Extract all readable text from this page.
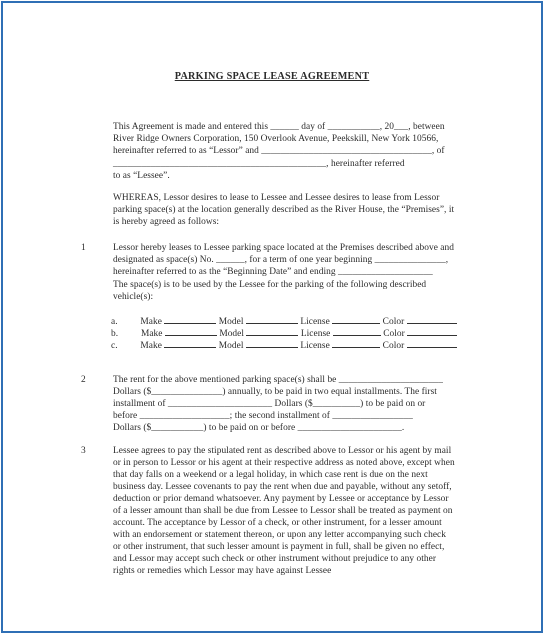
PARKING SPACE LEASE AGREEMENT
This Agreement is made and entered this ______ day of ___________, 20___, between
River Ridge Owners Corporation, 150 Overlook Avenue, Peekskill, New York 10566,
hereinafter referred to as “Lessor” and ____________________________________, of
_____________________________________________, hereinafter referred
to as “Lessee”.
WHEREAS, Lessor desires to lease to Lessee and Lessee desires to lease from Lessor
parking space(s) at the location generally described as the River House, the “Premises”, it
is hereby agreed as follows:
1	Lessor hereby leases to Lessee parking space located at the Premises described above and
designated as space(s) No. ______, for a term of one year beginning _______________,
hereinafter referred to as the “Beginning Date” and ending ____________________
The space(s) is to be used by the Lessee for the parking of the following described
vehicle(s):
a. Make	Model	License	Color
b. Make	Model	License	Color
c. Make	Model	License	Color
2	The rent for the above mentioned parking space(s) shall be ______________________
Dollars ($_______________) annually, to be paid in two equal installments. The first
installment of ______________________ Dollars ($__________) to be paid on or
before ___________________; the second installment of _________________
Dollars ($___________) to be paid on or before ______________________.
3	Lessee agrees to pay the stipulated rent as described above to Lessor or his agent by mail
or in person to Lessor or his agent at their respective address as noted above, except when
that day falls on a weekend or a legal holiday, in which case rent is due on the next
business day. Lessee covenants to pay the rent when due and payable, without any setoff,
deduction or prior demand whatsoever. Any payment by Lessee or acceptance by Lessor
of a lesser amount than shall be due from Lessee to Lessor shall be treated as payment on
account. The acceptance by Lessor of a check, or other instrument, for a lesser amount
with an endorsement or statement thereon, or upon any letter accompanying such check
or other instrument, that such lesser amount is payment in full, shall be given no effect,
and Lessor may accept such check or other instrument without prejudice to any other
rights or remedies which Lessor may have against Lessee
